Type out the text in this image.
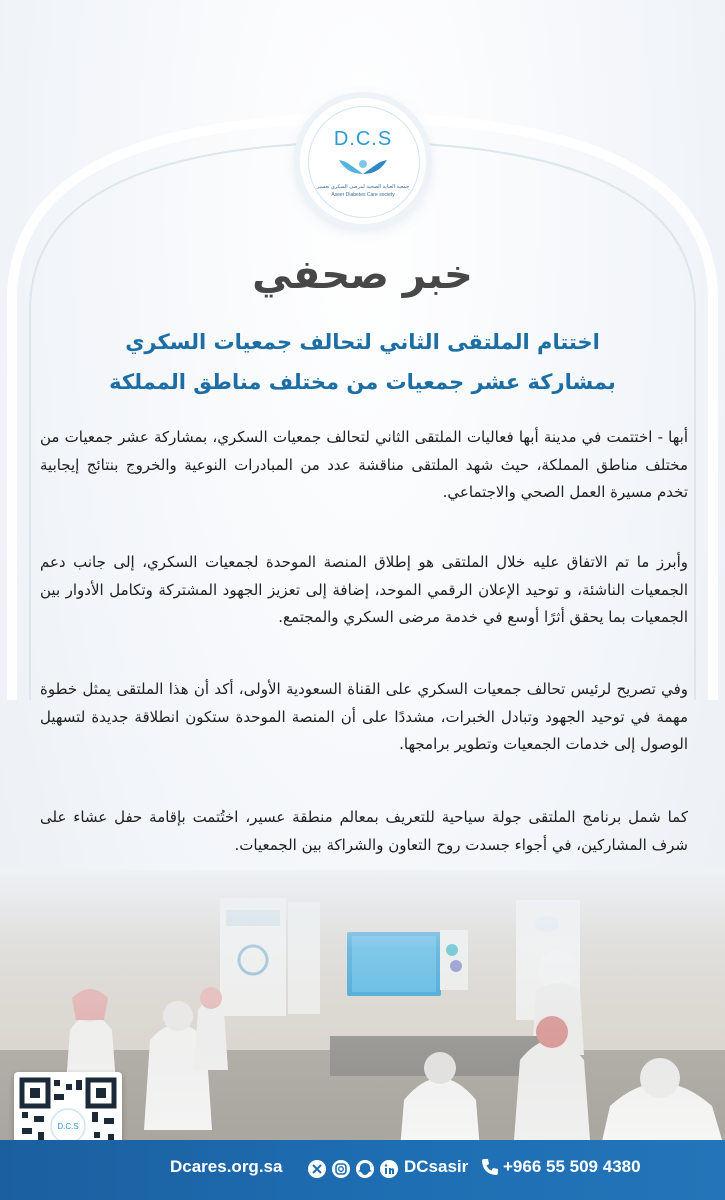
D.C.S
جمعية العناية الصحية لمرضى السكري بعسير
Aseer Diabetes Care society
خبر صحفي
اختتام الملتقى الثاني لتحالف جمعيات السكري
بمشاركة عشر جمعيات من مختلف مناطق المملكة

أبها - اختتمت في مدينة أبها فعاليات الملتقى الثاني لتحالف جمعيات السكري، بمشاركة عشر جمعيات من مختلف مناطق المملكة، حيث شهد الملتقى مناقشة عدد من المبادرات النوعية والخروج بنتائج إيجابية تخدم مسيرة العمل الصحي والاجتماعي.

وأبرز ما تم الاتفاق عليه خلال الملتقى هو إطلاق المنصة الموحدة لجمعيات السكري، إلى جانب دعم الجمعيات الناشئة، و توحيد الإعلان الرقمي الموحد، إضافة إلى تعزيز الجهود المشتركة وتكامل الأدوار بين الجمعيات بما يحقق أثرًا أوسع في خدمة مرضى السكري والمجتمع.

وفي تصريح لرئيس تحالف جمعيات السكري على القناة السعودية الأولى، أكد أن هذا الملتقى يمثل خطوة مهمة في توحيد الجهود وتبادل الخبرات، مشددًا على أن المنصة الموحدة ستكون انطلاقة جديدة لتسهيل الوصول إلى خدمات الجمعيات وتطوير برامجها.

كما شمل برنامج الملتقى جولة سياحية للتعريف بمعالم منطقة عسير، اختُتمت بإقامة حفل عشاء على شرف المشاركين، في أجواء جسدت روح التعاون والشراكة بين الجمعيات.

D.C.S
Dcares.org.sa	DCsasir +966 55 509 4380
